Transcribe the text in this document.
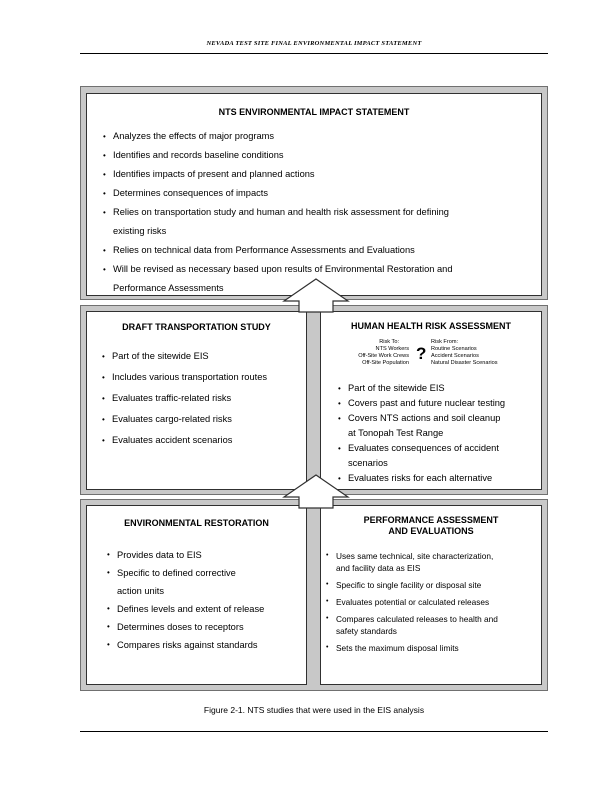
NEVADA TEST SITE FINAL ENVIRONMENTAL IMPACT STATEMENT
NTS ENVIRONMENTAL IMPACT STATEMENT
• Analyzes the effects of major programs
• Identifies and records baseline conditions
• Identifies impacts of present and planned actions
• Determines consequences of impacts
• Relies on transportation study and human and health risk assessment for defining
existing risks
• Relies on technical data from Performance Assessments and Evaluations
• Will be revised as necessary based upon results of Environmental Restoration and
Performance Assessments
DRAFT TRANSPORTATION STUDY
• Part of the sitewide EIS
• Includes various transportation routes
• Evaluates traffic-related risks
• Evaluates cargo-related risks
• Evaluates accident scenarios
HUMAN HEALTH RISK ASSESSMENT
Risk To:
NTS Workers
Off-Site Work Crews
Off-Site Population ?
Risk From:
Routine Scenarios
Accident Scenarios
Natural Disaster Scenarios
• Part of the sitewide EIS
• Covers past and future nuclear testing
• Covers NTS actions and soil cleanup
at Tonopah Test Range
• Evaluates consequences of accident
scenarios
• Evaluates risks for each alternative
ENVIRONMENTAL RESTORATION
• Provides data to EIS
• Specific to defined corrective
action units
• Defines levels and extent of release
• Determines doses to receptors
• Compares risks against standards
PERFORMANCE ASSESSMENT
AND EVALUATIONS
• Uses same technical, site characterization,
and facility data as EIS
• Specific to single facility or disposal site
• Evaluates potential or calculated releases
• Compares calculated releases to health and
safety standards
• Sets the maximum disposal limits
Figure 2-1. NTS studies that were used in the EIS analysis
